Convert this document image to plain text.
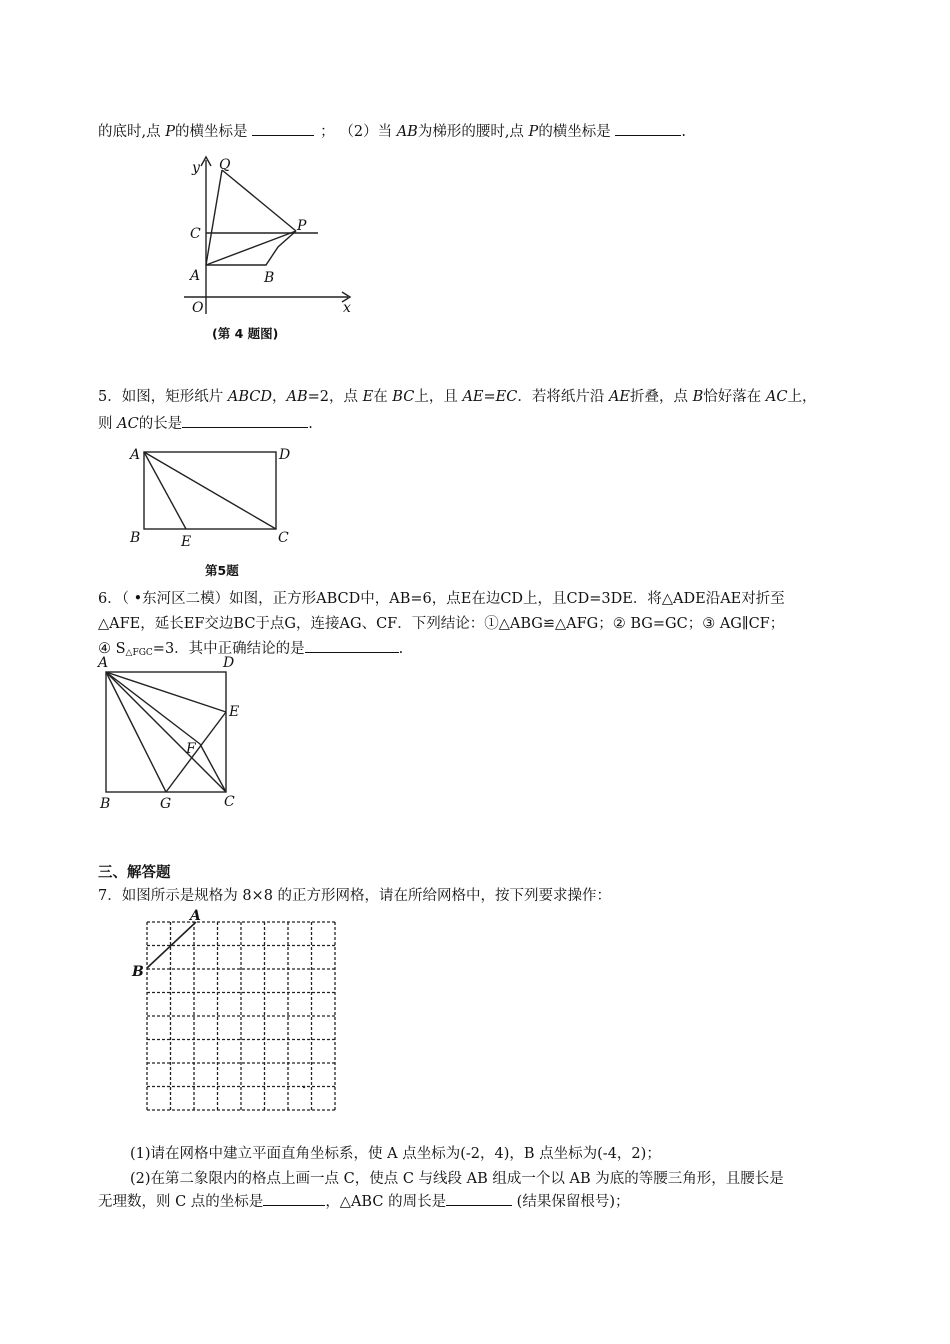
的底时,点 P的横坐标是	； （2）当 AB为梯形的腰时,点 P的横坐标是	.
y Q
C	P
A	B
O	x
(第 4 题图)
5．如图，矩形纸片 ABCD，AB=2，点 E在 BC上，且 AE=EC．若将纸片沿 AE折叠，点 B恰好落在 AC上，
则 AC的长是	.
A	D
B	E	C
第5题
6．（ •东河区二模）如图，正方形ABCD中，AB=6，点E在边CD上，且CD=3DE．将△ADE沿AE对折至
△AFE，延长EF交边BC于点G，连接AG、CF．下列结论：①△ABG≌△AFG；② BG=GC；③ AG∥CF；
④ $S_{\triangle FGC}=3$．其中正确结论的是	.
A	D
E
F
B	G	C
三、解答题
7．如图所示是规格为 8×8 的正方形网格，请在所给网格中，按下列要求操作：
A
B
(1)请在网格中建立平面直角坐标系，使 A 点坐标为(-2，4)，B 点坐标为(-4，2)；
(2)在第二象限内的格点上画一点 C，使点 C 与线段 AB 组成一个以 AB 为底的等腰三角形，且腰长是
无理数，则 C 点的坐标是	，△ABC 的周长是	(结果保留根号)；
